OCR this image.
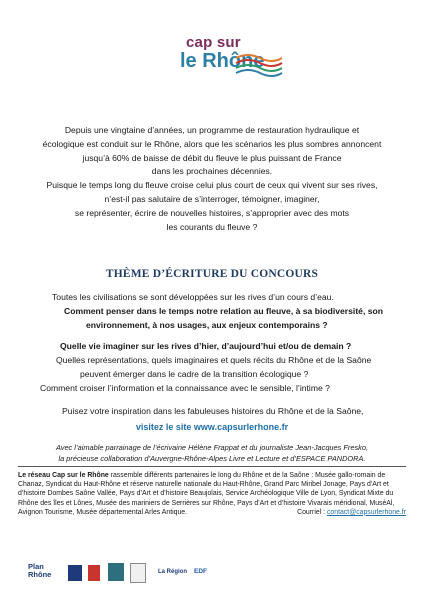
cap sur
le Rhône
Depuis une vingtaine d’années, un programme de restauration hydraulique et
écologique est conduit sur le Rhône, alors que les scénarios les plus sombres annoncent
jusqu’à 60% de baisse de débit du fleuve le plus puissant de France
dans les prochaines décennies.
Puisque le temps long du fleuve croise celui plus court de ceux qui vivent sur ses rives,
n’est-il pas salutaire de s’interroger, témoigner, imaginer,
se représenter, écrire de nouvelles histoires, s’approprier avec des mots
les courants du fleuve ?
THÈME D’ÉCRITURE DU CONCOURS
Toutes les civilisations se sont développées sur les rives d’un cours d’eau.
Comment penser dans le temps notre relation au fleuve, à sa biodiversité, son
environnement, à nos usages, aux enjeux contemporains ?
Quelle vie imaginer sur les rives d’hier, d’aujourd’hui et/ou de demain ?
Quelles représentations, quels imaginaires et quels récits du Rhône et de la Saône
peuvent émerger dans le cadre de la transition écologique ?
Comment croiser l’information et la connaissance avec le sensible, l’intime ?
Puisez votre inspiration dans les fabuleuses histoires du Rhône et de la Saône,
visitez le site www.capsurlerhone.fr
Avec l’aimable parrainage de l’écrivaine Hélène Frappat et du journaliste Jean-Jacques Fresko,
la précieuse collaboration d’Auvergne-Rhône-Alpes Livre et Lecture et d’ESPACE PANDORA.
Le réseau Cap sur le Rhône rassemble différents partenaires le long du Rhône et de la Saône : Musée gallo-romain de Chanaz, Syndicat du Haut-Rhône et réserve naturelle nationale du Haut-Rhône, Grand Parc Miribel Jonage, Pays d’Art et d’histoire Dombes Saône Vallée, Pays d’Art et d’histoire Beaujolais, Service Archéologique Ville de Lyon, Syndicat Mixte du Rhône des îles et Lônes, Musée des mariniers de Serrières sur Rhône, Pays d’Art et d’histoire Vivarais méridional, MuséAl, Avignon Tourisme, Musée départemental Arles Antique.	Courriel : contact@capsurlerhone.fr
Plan Rhône	La Région EDF
